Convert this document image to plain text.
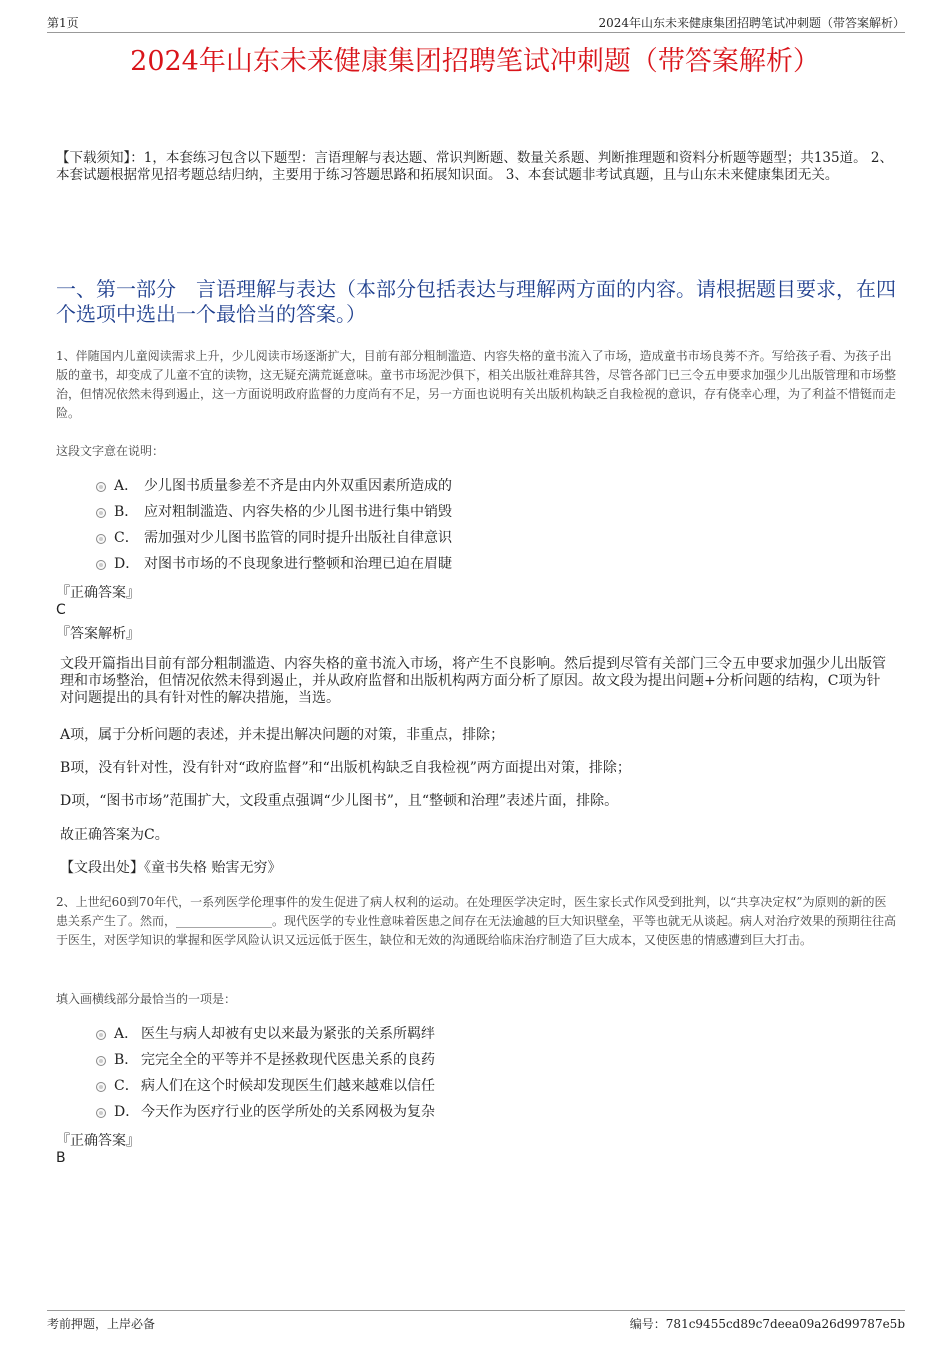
第1页	2024年山东未来健康集团招聘笔试冲刺题（带答案解析）
2024年山东未来健康集团招聘笔试冲刺题（带答案解析）
【下载须知】：1，本套练习包含以下题型：言语理解与表达题、常识判断题、数量关系题、判断推理题和资料分析题等题型；共135道。 2、本套试题根据常见招考题总结归纳，主要用于练习答题思路和拓展知识面。 3、本套试题非考试真题，且与山东未来健康集团无关。
一、第一部分 言语理解与表达（本部分包括表达与理解两方面的内容。请根据题目要求，在四个选项中选出一个最恰当的答案。）
1、伴随国内儿童阅读需求上升，少儿阅读市场逐渐扩大，目前有部分粗制滥造、内容失格的童书流入了市场，造成童书市场良莠不齐。写给孩子看、为孩子出版的童书，却变成了儿童不宜的读物，这无疑充满荒诞意味。童书市场泥沙俱下，相关出版社难辞其咎，尽管各部门已三令五申要求加强少儿出版管理和市场整治，但情况依然未得到遏止，这一方面说明政府监督的力度尚有不足，另一方面也说明有关出版机构缺乏自我检视的意识，存有侥幸心理，为了利益不惜铤而走险。
这段文字意在说明：
A． 少儿图书质量参差不齐是由内外双重因素所造成的
B． 应对粗制滥造、内容失格的少儿图书进行集中销毁
C． 需加强对少儿图书监管的同时提升出版社自律意识
D． 对图书市场的不良现象进行整顿和治理已迫在眉睫
『正确答案』
C
『答案解析』
文段开篇指出目前有部分粗制滥造、内容失格的童书流入市场，将产生不良影响。然后提到尽管有关部门三令五申要求加强少儿出版管理和市场整治，但情况依然未得到遏止，并从政府监督和出版机构两方面分析了原因。故文段为提出问题+分析问题的结构，C项为针对问题提出的具有针对性的解决措施，当选。
A项，属于分析问题的表述，并未提出解决问题的对策，非重点，排除；
B项，没有针对性，没有针对“政府监督”和“出版机构缺乏自我检视”两方面提出对策，排除；
D项，“图书市场”范围扩大，文段重点强调“少儿图书”，且“整顿和治理”表述片面，排除。
故正确答案为C。
【文段出处】《童书失格 贻害无穷》
2、上世纪60到70年代，一系列医学伦理事件的发生促进了病人权利的运动。在处理医学决定时，医生家长式作风受到批判，以“共享决定权”为原则的新的医患关系产生了。然而，________________。现代医学的专业性意味着医患之间存在无法逾越的巨大知识壁垒，平等也就无从谈起。病人对治疗效果的预期往往高于医生，对医学知识的掌握和医学风险认识又远远低于医生，缺位和无效的沟通既给临床治疗制造了巨大成本，又使医患的情感遭到巨大打击。
填入画横线部分最恰当的一项是：
A． 医生与病人却被有史以来最为紧张的关系所羁绊
B． 完完全全的平等并不是拯救现代医患关系的良药
C． 病人们在这个时候却发现医生们越来越难以信任
D． 今天作为医疗行业的医学所处的关系网极为复杂
『正确答案』
B
考前押题，上岸必备	编号：781c9455cd89c7deea09a26d99787e5b
